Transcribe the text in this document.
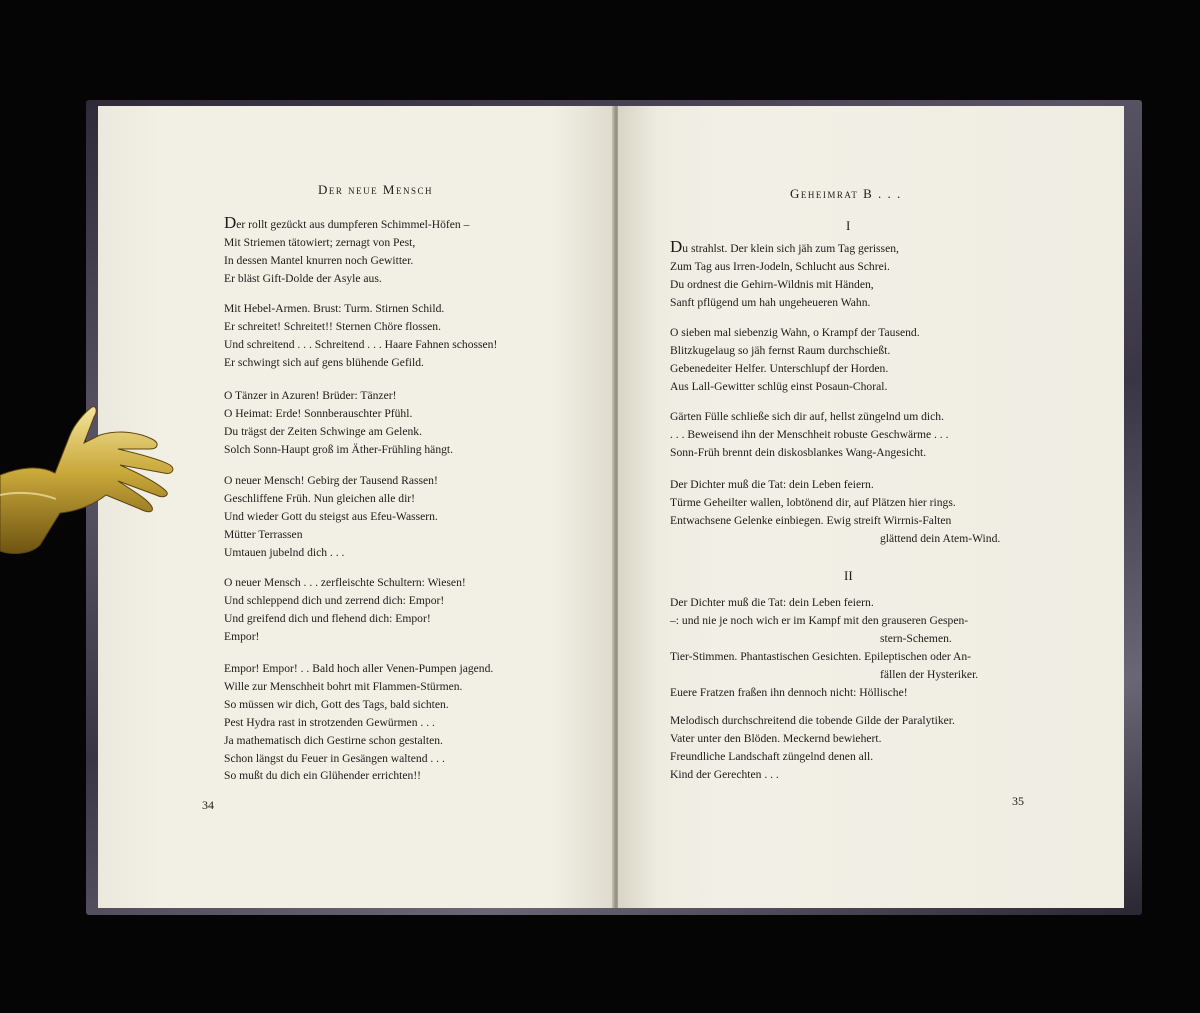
Der neue Mensch
Der rollt gezückt aus dumpferen Schimmel-Höfen –
Mit Striemen tätowiert; zernagt von Pest,
In dessen Mantel knurren noch Gewitter.
Er bläst Gift-Dolde der Asyle aus.
Mit Hebel-Armen. Brust: Turm. Stirnen Schild.
Er schreitet! Schreitet!! Sternen Chöre flossen.
Und schreitend . . . Schreitend . . . Haare Fahnen schossen!
Er schwingt sich auf gens blühende Gefild.
O Tänzer in Azuren! Brüder: Tänzer!
O Heimat: Erde! Sonnberauschter Pfühl.
Du trägst der Zeiten Schwinge am Gelenk.
Solch Sonn-Haupt groß im Äther-Frühling hängt.
O neuer Mensch! Gebirg der Tausend Rassen!
Geschliffene Früh. Nun gleichen alle dir!
Und wieder Gott du steigst aus Efeu-Wassern.
Mütter Terrassen
Umtauen jubelnd dich . . .
O neuer Mensch . . . zerfleischte Schultern: Wiesen!
Und schleppend dich und zerrend dich: Empor!
Und greifend dich und flehend dich: Empor!
Empor!
Empor! Empor! . . Bald hoch aller Venen-Pumpen jagend.
Wille zur Menschheit bohrt mit Flammen-Stürmen.
So müssen wir dich, Gott des Tags, bald sichten.
Pest Hydra rast in strotzenden Gewürmen . . .
Ja mathematisch dich Gestirne schon gestalten.
Schon längst du Feuer in Gesängen waltend . . .
So mußt du dich ein Glühender errichten!!
34
Geheimrat B . . .
I
Du strahlst. Der klein sich jäh zum Tag gerissen,
Zum Tag aus Irren-Jodeln, Schlucht aus Schrei.
Du ordnest die Gehirn-Wildnis mit Händen,
Sanft pflügend um hah ungeheueren Wahn.
O sieben mal siebenzig Wahn, o Krampf der Tausend.
Blitzkugelaug so jäh fernst Raum durchschießt.
Gebenedeiter Helfer. Unterschlupf der Horden.
Aus Lall-Gewitter schlüg einst Posaun-Choral.
Gärten Fülle schließe sich dir auf, hellst züngelnd um dich.
. . . Beweisend ihn der Menschheit robuste Geschwärme . . .
Sonn-Früh brennt dein diskosblankes Wang-Angesicht.
Der Dichter muß die Tat: dein Leben feiern.
Türme Geheilter wallen, lobtönend dir, auf Plätzen hier rings.
Entwachsene Gelenke einbiegen. Ewig streift Wirrnis-Falten
glättend dein Atem-Wind.
II
Der Dichter muß die Tat: dein Leben feiern.
–: und nie je noch wich er im Kampf mit den grauseren Gespen-
stern-Schemen.
Tier-Stimmen. Phantastischen Gesichten. Epileptischen oder An-
fällen der Hysteriker.
Euere Fratzen fraßen ihn dennoch nicht: Höllische!
Melodisch durchschreitend die tobende Gilde der Paralytiker.
Vater unter den Blöden. Meckernd bewiehert.
Freundliche Landschaft züngelnd denen all.
Kind der Gerechten . . .
35
